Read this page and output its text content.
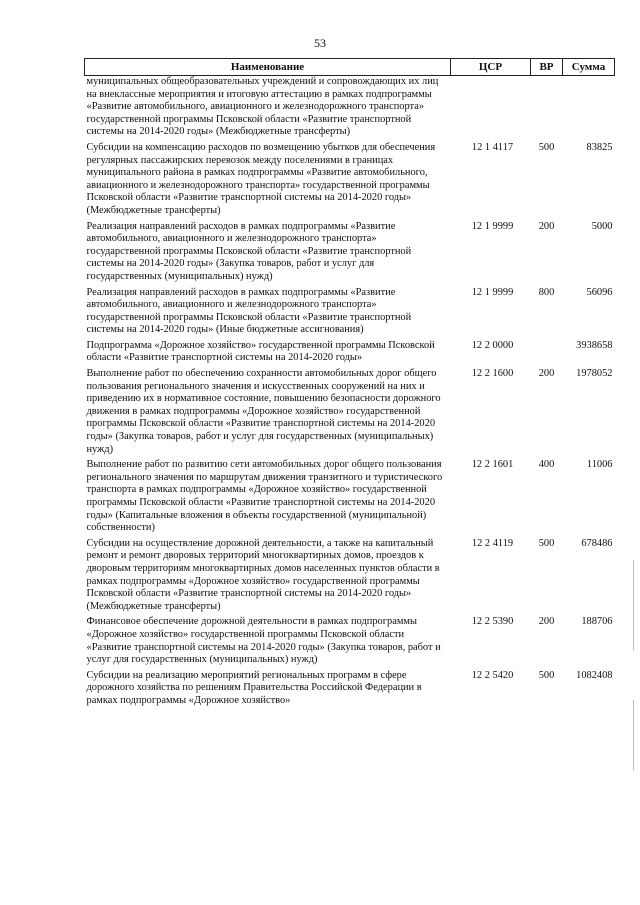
53
Наименование	ЦСР	ВР	Сумма
муниципальных общеобразовательных учреждений и сопровождающих их лиц на внеклассные мероприятия и итоговую аттестацию в рамках подпрограммы «Развитие автомобильного, авиационного и железнодорожного транспорта» государственной программы Псковской области «Развитие транспортной системы на 2014-2020 годы» (Межбюджетные трансферты)			
Субсидии на компенсацию расходов по возмещению убытков для обеспечения регулярных пассажирских перевозок между поселениями в границах муниципального района в рамках подпрограммы «Развитие автомобильного, авиационного и железнодорожного транспорта» государственной программы Псковской области «Развитие транспортной системы на 2014-2020 годы» (Межбюджетные трансферты)	12 1 4117	500	83825
Реализация направлений расходов в рамках подпрограммы «Развитие автомобильного, авиационного и железнодорожного транспорта» государственной программы Псковской области «Развитие транспортной системы на 2014-2020 годы» (Закупка товаров, работ и услуг для государственных (муниципальных) нужд)	12 1 9999	200	5000
Реализация направлений расходов в рамках подпрограммы «Развитие автомобильного, авиационного и железнодорожного транспорта» государственной программы Псковской области «Развитие транспортной системы на 2014-2020 годы» (Иные бюджетные ассигнования)	12 1 9999	800	56096
Подпрограмма «Дорожное хозяйство» государственной программы Псковской области «Развитие транспортной системы на 2014-2020 годы»	12 2 0000		3938658
Выполнение работ по обеспечению сохранности автомобильных дорог общего пользования регионального значения и искусственных сооружений на них и приведению их в нормативное состояние, повышению безопасности дорожного движения в рамках подпрограммы «Дорожное хозяйство» государственной программы Псковской области «Развитие транспортной системы на 2014-2020 годы» (Закупка товаров, работ и услуг для государственных (муниципальных) нужд)	12 2 1600	200	1978052
Выполнение работ по развитию сети автомобильных дорог общего пользования регионального значения по маршрутам движения транзитного и туристического транспорта в рамках подпрограммы «Дорожное хозяйство» государственной программы Псковской области «Развитие транспортной системы на 2014-2020 годы» (Капитальные вложения в объекты государственной (муниципальной) собственности)	12 2 1601	400	11006
Субсидии на осуществление дорожной деятельности, а также на капитальный ремонт и ремонт дворовых территорий многоквартирных домов, проездов к дворовым территориям многоквартирных домов населенных пунктов области в рамках подпрограммы «Дорожное хозяйство» государственной программы Псковской области «Развитие транспортной системы на 2014-2020 годы» (Межбюджетные трансферты)	12 2 4119	500	678486
Финансовое обеспечение дорожной деятельности в рамках подпрограммы «Дорожное хозяйство» государственной программы Псковской области «Развитие транспортной системы на 2014-2020 годы» (Закупка товаров, работ и услуг для государственных (муниципальных) нужд)	12 2 5390	200	188706
Субсидии на реализацию мероприятий региональных программ в сфере дорожного хозяйства по решениям Правительства Российской Федерации в рамках подпрограммы «Дорожное хозяйство»	12 2 5420	500	1082408
